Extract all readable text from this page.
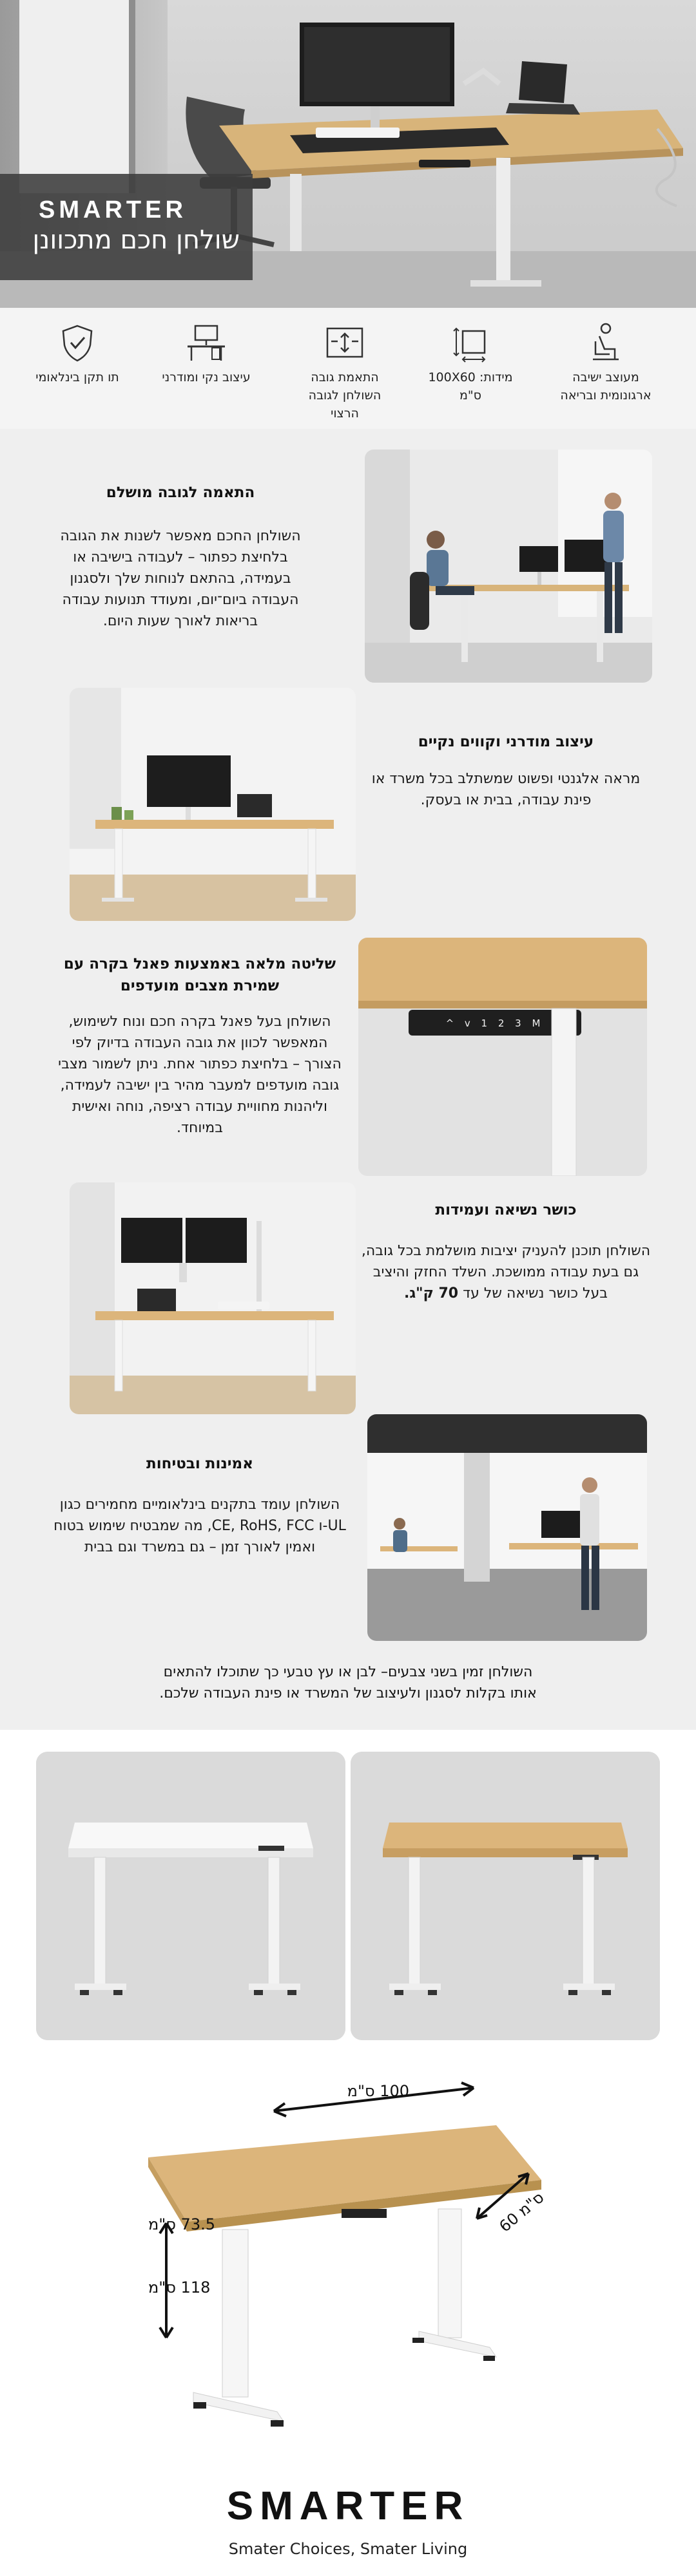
SMARTER
שולחן חכם מתכוונן
מעוצב ישיבה ארגונומית ובריאה
מידות: 100X60 ס"מ
התאמת גובה השולחן לגובה הרצוי
עיצוב נקי ומודרני
תו תקן בינלאומי
התאמה לגובה מושלם
השולחן החכם מאפשר לשנות את הגובה בלחיצת כפתור – לעבודה בישיבה או בעמידה, בהתאם לנוחות שלך ולסגנון העבודה ביום־יום, ומעודד תנועות עבודה בריאות לאורך שעות היום.
עיצוב מודרני וקווים נקיים
מראה אלגנטי ופשוט שמשתלב בכל משרד או פינת עבודה, בבית או בעסק.
שליטה מלאה באמצעות פאנל בקרה עם שמירת מצבים מועדפים
השולחן בעל פאנל בקרה חכם ונוח לשימוש, המאפשר לכוון את גובה העבודה בדיוק לפי הצורך – בלחיצת כפתור אחת. ניתן לשמור מצבי גובה מועדפים למעבר מהיר בין ישיבה לעמידה, וליהנות מחוויית עבודה רציפה, נוחה ואישית במיוחד.
^ v 1 2 3 M
כושר נשיאה ועמידות
השולחן תוכנן להעניק יציבות מושלמת בכל גובה, גם בעת עבודה ממושכת. השלד החזק והיציב בעל כושר נשיאה של עד 70 ק"ג.
אמינות ובטיחות
השולחן עומד בתקנים בינלאומיים מחמירים כגון UL-ו CE, RoHS, FCC, מה שמבטיח שימוש בטוח ואמין לאורך זמן – גם במשרד וגם בבית
השולחן זמין בשני צבעים– לבן או עץ טבעי כך שתוכלו להתאים אותו בקלות לסגנון ולעיצוב של המשרד או פינת העבודה שלכם.
100 ס"מ
60 ס"מ
73.5 ס"מ
118 ס"מ
SMARTER
Smater Choices, Smater Living
